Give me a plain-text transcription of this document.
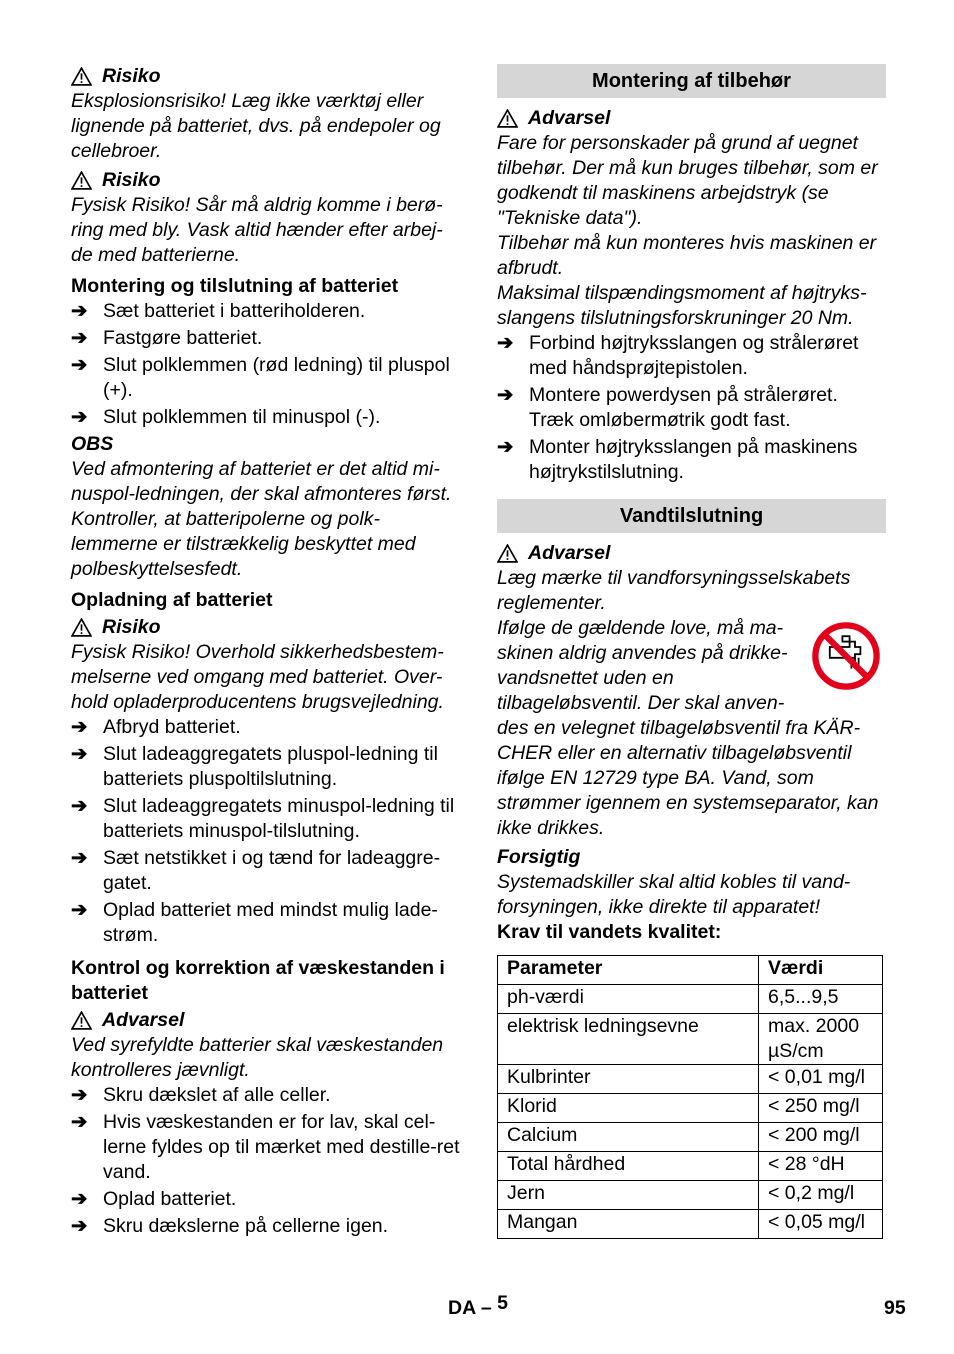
Risiko

Eksplosionsrisiko! Læg ikke værktøj eller lignende på batteriet, dvs. på endepoler og cellebroer.

Risiko

Fysisk Risiko! Sår må aldrig komme i berø-ring med bly. Vask altid hænder efter arbej-de med batterierne.

Montering og tilslutning af batteriet

➔ Sæt batteriet i batteriholderen.
➔ Fastgøre batteriet.
➔ Slut polklemmen (rød ledning) til pluspol (+).
➔ Slut polklemmen til minuspol (-).

OBS

Ved afmontering af batteriet er det altid mi-nuspol-ledningen, der skal afmonteres først. Kontroller, at batteripolerne og polk-lemmerne er tilstrækkelig beskyttet med polbeskyttelsesfedt.

Opladning af batteriet

Risiko

Fysisk Risiko! Overhold sikkerhedsbestem-melserne ved omgang med batteriet. Over-hold opladerproducentens brugsvejledning.

➔ Afbryd batteriet.
➔ Slut ladeaggregatets pluspol-ledning til batteriets pluspoltilslutning.
➔ Slut ladeaggregatets minuspol-ledning til batteriets minuspol-tilslutning.
➔ Sæt netstikket i og tænd for ladeaggre-gatet.
➔ Oplad batteriet med mindst mulig lade-strøm.

Kontrol og korrektion af væskestanden i batteriet

Advarsel

Ved syrefyldte batterier skal væskestanden kontrolleres jævnligt.

➔ Skru dækslet af alle celler.
➔ Hvis væskestanden er for lav, skal cel-lerne fyldes op til mærket med destille-ret vand.
➔ Oplad batteriet.
➔ Skru dækslerne på cellerne igen.
Montering af tilbehør
Advarsel

Fare for personskader på grund af uegnet tilbehør. Der må kun bruges tilbehør, som er godkendt til maskinens arbejdstryk (se "Tekniske data").

Tilbehør må kun monteres hvis maskinen er afbrudt.

Maksimal tilspændingsmoment af højtryks-slangens tilslutningsforskruninger 20 Nm.

➔ Forbind højtryksslangen og strålerøret med håndsprøjtepistolen.
➔ Montere powerdysen på strålerøret. Træk omløbermøtrik godt fast.
➔ Monter højtryksslangen på maskinens højtrykstilslutning.
Vandtilslutning
Advarsel

Læg mærke til vandforsyningsselskabets reglementer.

Ifølge de gældende love, må ma-skinen aldrig anvendes på drikke-vandsnettet uden en tilbageløbsventil. Der skal anven-des en velegnet tilbageløbsventil fra KÄR-CHER eller en alternativ tilbageløbsventil ifølge EN 12729 type BA. Vand, som strømmer igennem en systemseparator, kan ikke drikkes.

Forsigtig

Systemadskiller skal altid kobles til vand-forsyningen, ikke direkte til apparatet!

Krav til vandets kvalitet:

Parameter	Værdi
ph-værdi	6,5...9,5
elektrisk ledningsevne	max. 2000 µS/cm
Kulbrinter	< 0,01 mg/l
Klorid	< 250 mg/l
Calcium	< 200 mg/l
Total hårdhed	< 28 °dH
Jern	< 0,2 mg/l
Mangan	< 0,05 mg/l
DA – 5	95
